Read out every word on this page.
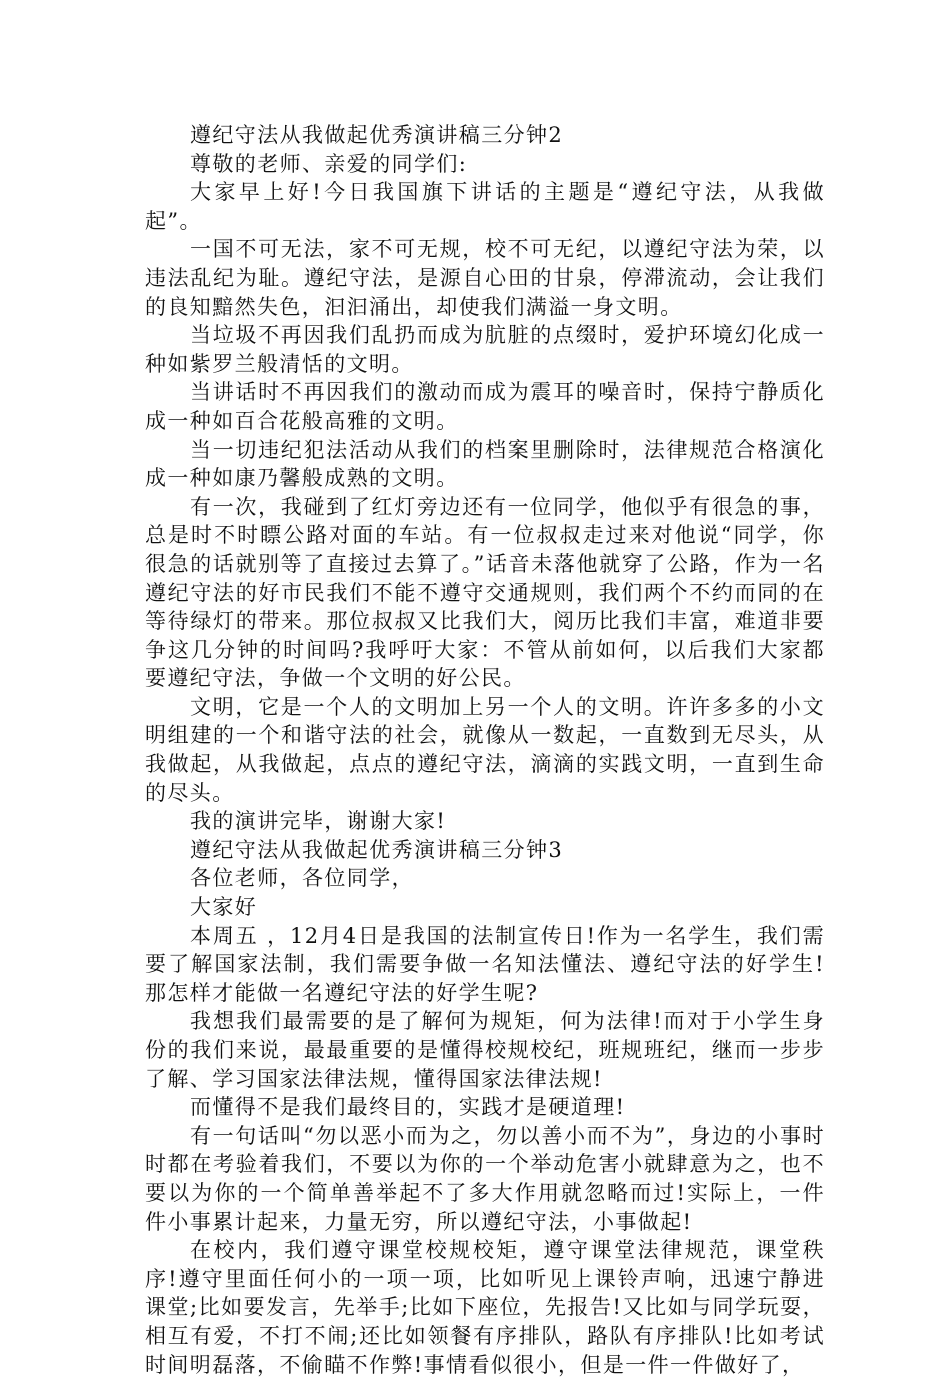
遵纪守法从我做起优秀演讲稿三分钟2

尊敬的老师、亲爱的同学们:

大家早上好!今日我国旗下讲话的主题是“遵纪守法，从我做起”。

一国不可无法，家不可无规，校不可无纪，以遵纪守法为荣，以违法乱纪为耻。遵纪守法，是源自心田的甘泉，停滞流动，会让我们的良知黯然失色，汩汩涌出，却使我们满溢一身文明。

当垃圾不再因我们乱扔而成为肮脏的点缀时，爱护环境幻化成一种如紫罗兰般清恬的文明。

当讲话时不再因我们的激动而成为震耳的噪音时，保持宁静质化成一种如百合花般高雅的文明。

当一切违纪犯法活动从我们的档案里删除时，法律规范合格演化成一种如康乃馨般成熟的文明。

有一次，我碰到了红灯旁边还有一位同学，他似乎有很急的事，总是时不时瞟公路对面的车站。有一位叔叔走过来对他说“同学，你很急的话就别等了直接过去算了。”话音未落他就穿了公路，作为一名遵纪守法的好市民我们不能不遵守交通规则，我们两个不约而同的在等待绿灯的带来。那位叔叔又比我们大，阅历比我们丰富，难道非要争这几分钟的时间吗?我呼吁大家：不管从前如何，以后我们大家都要遵纪守法，争做一个文明的好公民。

文明，它是一个人的文明加上另一个人的文明。许许多多的小文明组建的一个和谐守法的社会，就像从一数起，一直数到无尽头，从我做起，从我做起，点点的遵纪守法，滴滴的实践文明，一直到生命的尽头。

我的演讲完毕，谢谢大家!

遵纪守法从我做起优秀演讲稿三分钟3

各位老师，各位同学，

大家好

本周五 ，12月4日是我国的法制宣传日!作为一名学生，我们需要了解国家法制，我们需要争做一名知法懂法、遵纪守法的好学生!那怎样才能做一名遵纪守法的好学生呢?

我想我们最需要的是了解何为规矩，何为法律!而对于小学生身份的我们来说，最最重要的是懂得校规校纪，班规班纪，继而一步步了解、学习国家法律法规，懂得国家法律法规!

而懂得不是我们最终目的，实践才是硬道理!

有一句话叫“勿以恶小而为之，勿以善小而不为”，身边的小事时时都在考验着我们，不要以为你的一个举动危害小就肆意为之，也不要以为你的一个简单善举起不了多大作用就忽略而过!实际上，一件件小事累计起来，力量无穷，所以遵纪守法，小事做起!

在校内，我们遵守课堂校规校矩，遵守课堂法律规范，课堂秩序!遵守里面任何小的一项一项，比如听见上课铃声响，迅速宁静进课堂;比如要发言，先举手;比如下座位，先报告!又比如与同学玩耍，相互有爱，不打不闹;还比如领餐有序排队，路队有序排队!比如考试时间明磊落，不偷瞄不作弊!事情看似很小，但是一件一件做好了，
